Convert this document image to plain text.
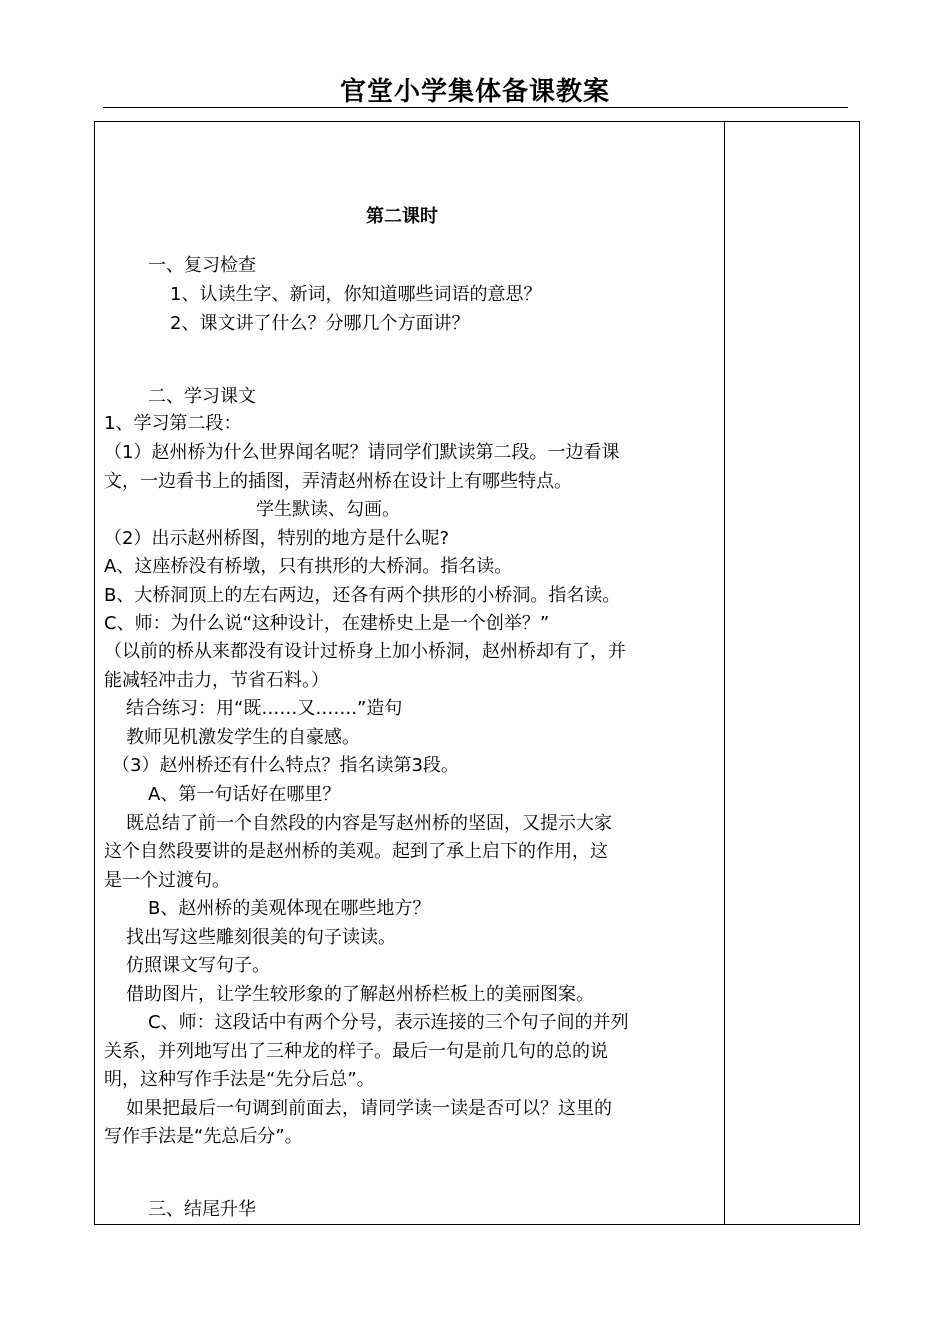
官堂小学集体备课教案
第二课时
一、复习检查
1、认读生字、新词，你知道哪些词语的意思？
2、课文讲了什么？分哪几个方面讲？
二、学习课文
1、学习第二段：
（1）赵州桥为什么世界闻名呢？请同学们默读第二段。一边看课
文，一边看书上的插图，弄清赵州桥在设计上有哪些特点。
学生默读、勾画。
（2）出示赵州桥图，特别的地方是什么呢?
A、这座桥没有桥墩，只有拱形的大桥洞。指名读。
B、大桥洞顶上的左右两边，还各有两个拱形的小桥洞。指名读。
C、师：为什么说“这种设计，在建桥史上是一个创举？”
（以前的桥从来都没有设计过桥身上加小桥洞，赵州桥却有了，并
能减轻冲击力，节省石料。）
结合练习：用“既……又…….”造句
教师见机激发学生的自豪感。
（3）赵州桥还有什么特点？指名读第3段。
A、第一句话好在哪里？
既总结了前一个自然段的内容是写赵州桥的坚固，又提示大家
这个自然段要讲的是赵州桥的美观。起到了承上启下的作用，这
是一个过渡句。
B、赵州桥的美观体现在哪些地方？
找出写这些雕刻很美的句子读读。
仿照课文写句子。
借助图片，让学生较形象的了解赵州桥栏板上的美丽图案。
C、师：这段话中有两个分号，表示连接的三个句子间的并列
关系，并列地写出了三种龙的样子。最后一句是前几句的总的说
明，这种写作手法是“先分后总”。
如果把最后一句调到前面去，请同学读一读是否可以？这里的
写作手法是“先总后分”。
三、结尾升华
